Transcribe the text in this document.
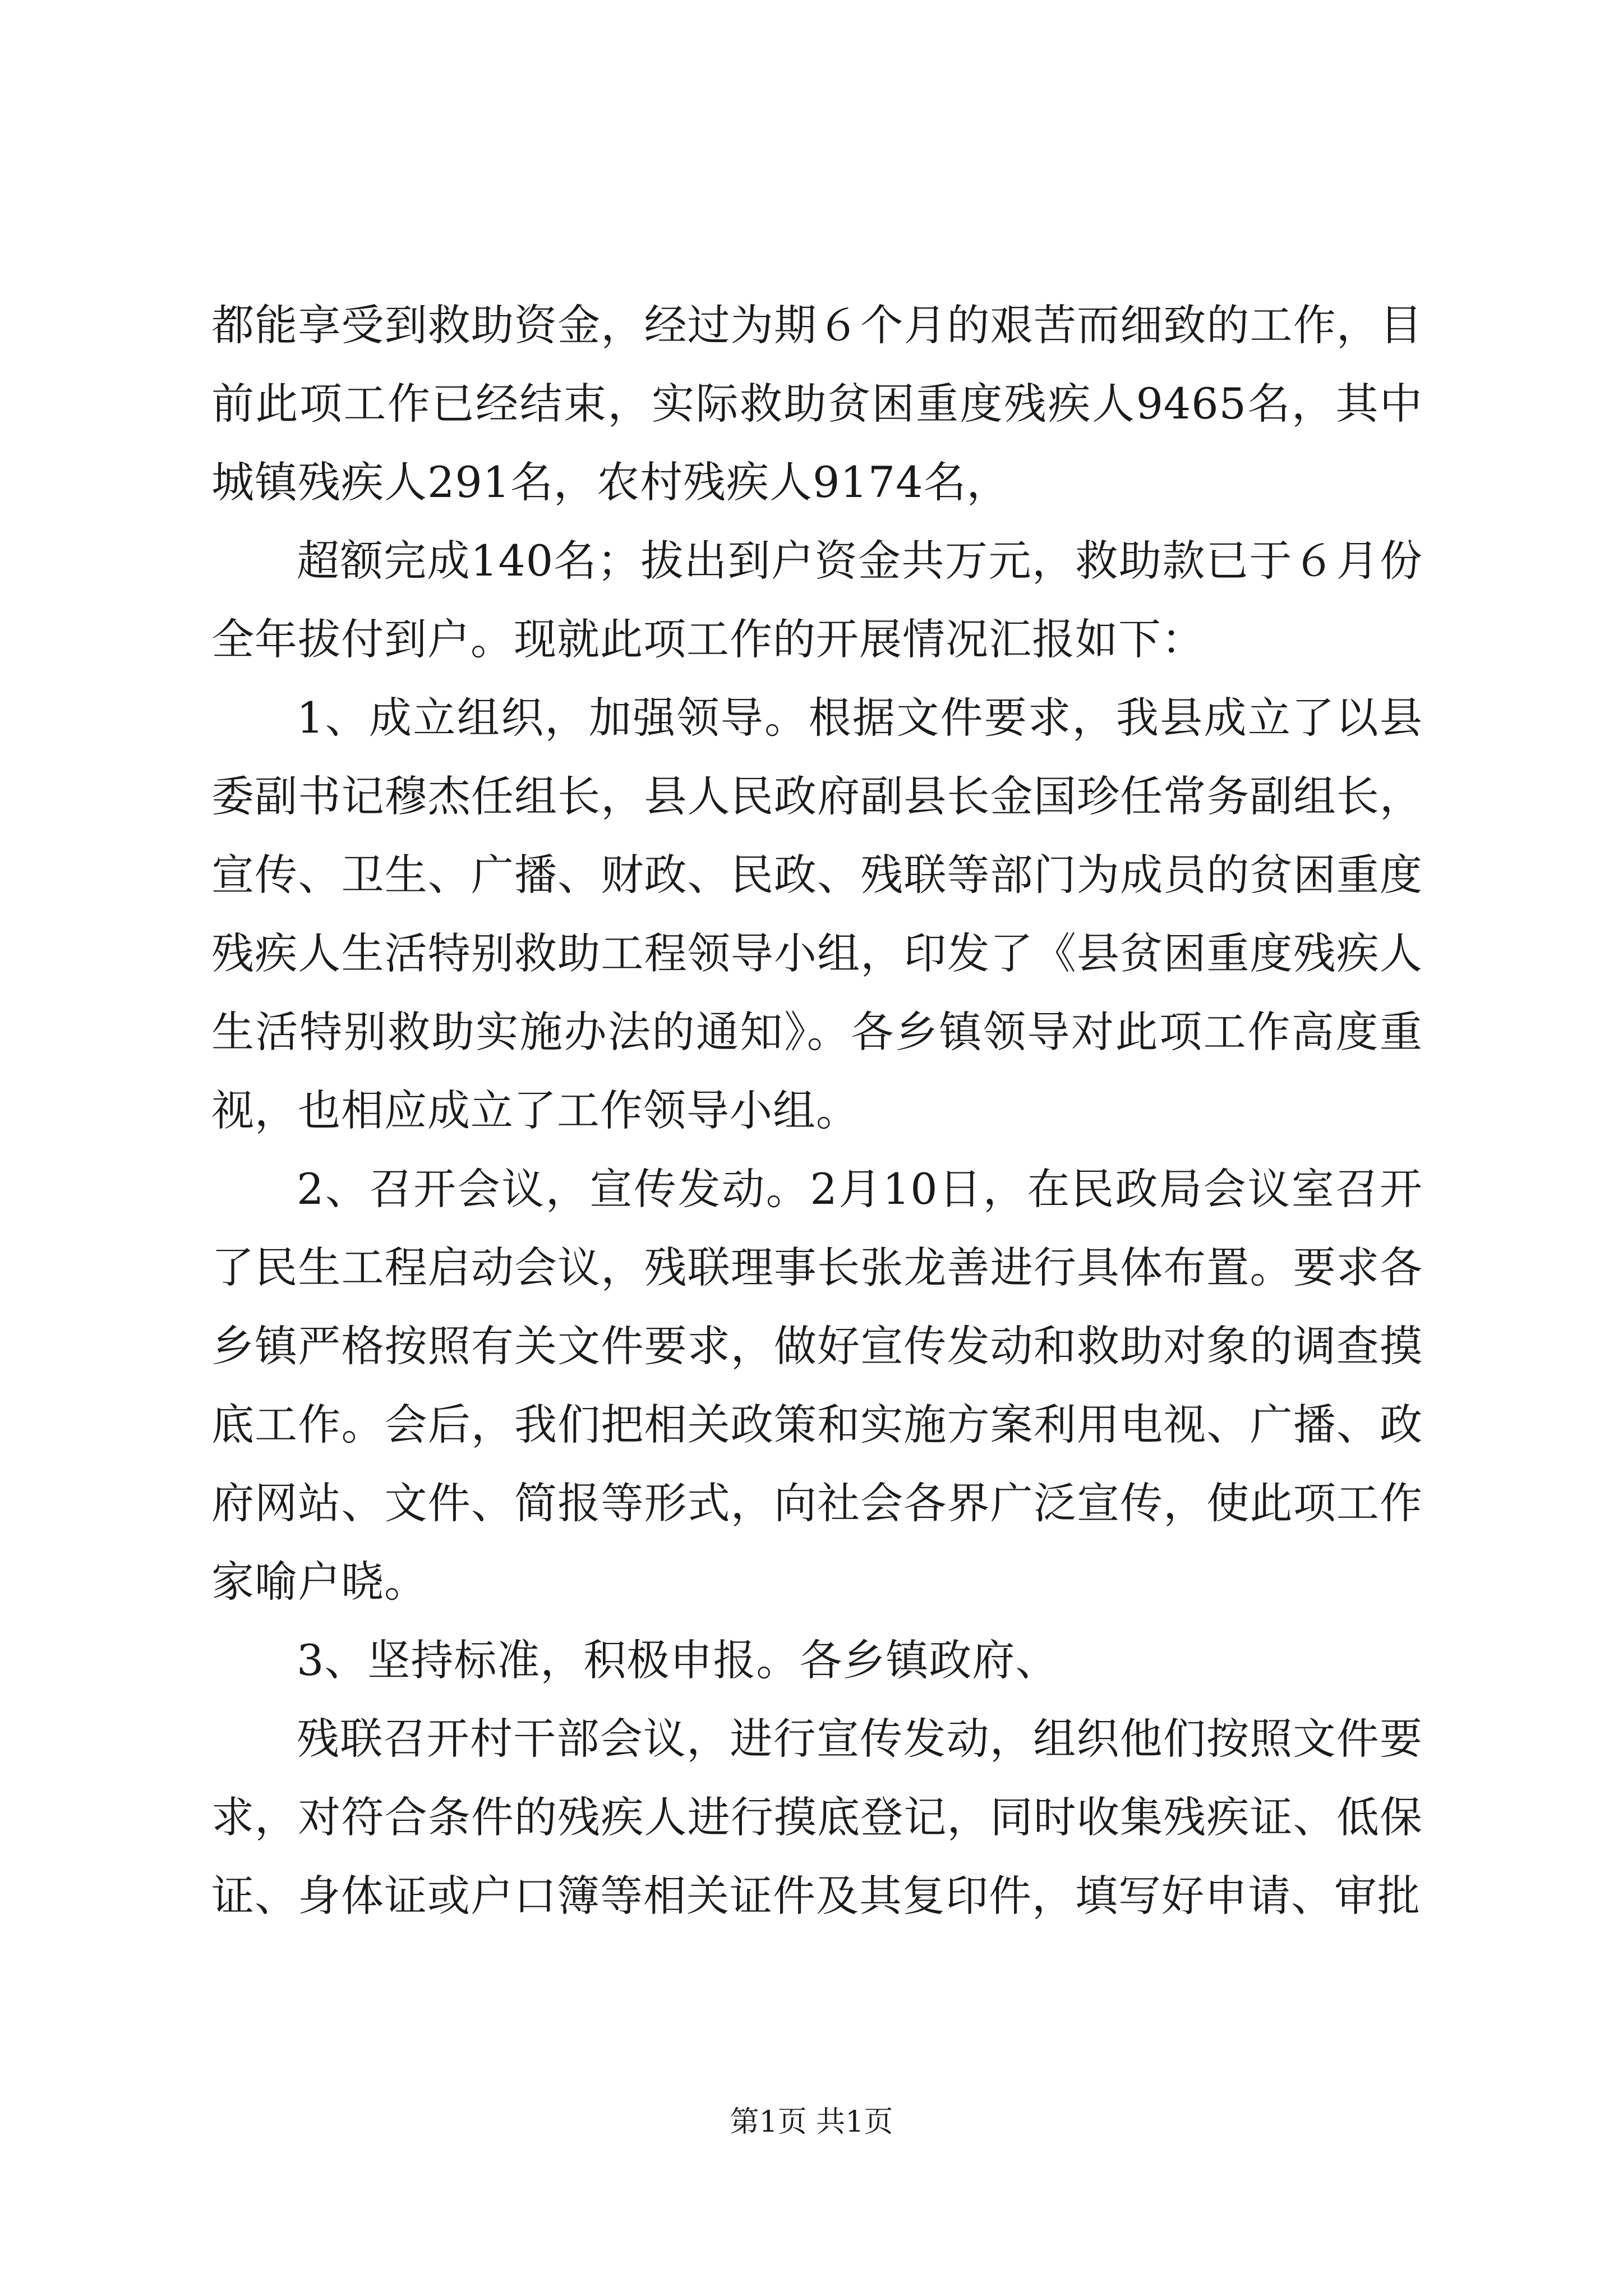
都能享受到救助资金，经过为期６个月的艰苦而细致的工作，目前此项工作已经结束，实际救助贫困重度残疾人9465名，其中城镇残疾人291名，农村残疾人9174名，

超额完成140名；拔出到户资金共万元，救助款已于６月份全年拔付到户。现就此项工作的开展情况汇报如下：

1、成立组织，加强领导。根据文件要求，我县成立了以县委副书记穆杰任组长，县人民政府副县长金国珍任常务副组长，宣传、卫生、广播、财政、民政、残联等部门为成员的贫困重度残疾人生活特别救助工程领导小组，印发了《县贫困重度残疾人生活特别救助实施办法的通知》。各乡镇领导对此项工作高度重视，也相应成立了工作领导小组。

2、召开会议，宣传发动。2月10日，在民政局会议室召开了民生工程启动会议，残联理事长张龙善进行具体布置。要求各乡镇严格按照有关文件要求，做好宣传发动和救助对象的调查摸底工作。会后，我们把相关政策和实施方案利用电视、广播、政府网站、文件、简报等形式，向社会各界广泛宣传，使此项工作家喻户晓。

3、坚持标准，积极申报。各乡镇政府、

残联召开村干部会议，进行宣传发动，组织他们按照文件要求，对符合条件的残疾人进行摸底登记，同时收集残疾证、低保证、身体证或户口簿等相关证件及其复印件，填写好申请、审批

第1页 共1页
